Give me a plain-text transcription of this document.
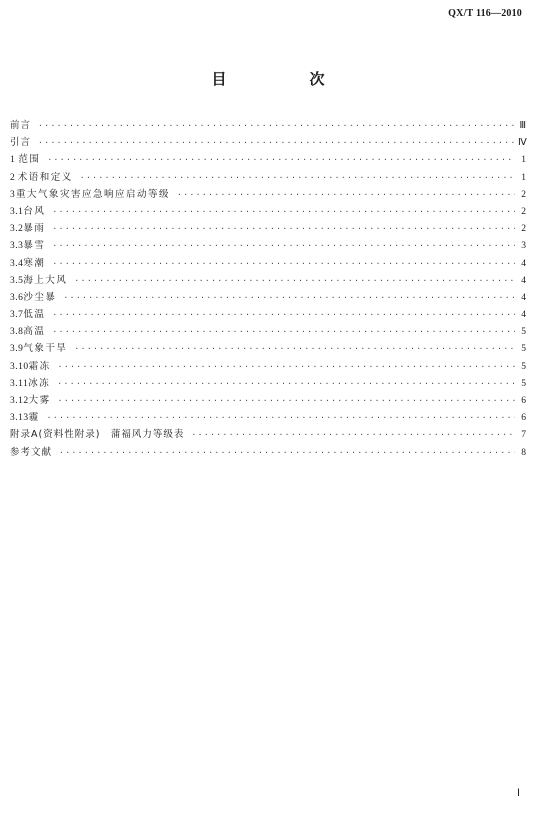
QX/T 116—2010
目　次
前言 ·····	Ⅲ
引言 ·····	Ⅳ
1 范围 ·····	1
2 术语和定义 ·····	1
3 重大气象灾害应急响应启动等级 ·····	2
3.1 台风 ·····	2
3.2 暴雨 ·····	2
3.3 暴雪 ·····	3
3.4 寒潮 ·····	4
3.5 海上大风 ·····	4
3.6 沙尘暴 ·····	4
3.7 低温 ·····	4
3.8 高温 ·····	5
3.9 气象干旱 ·····	5
3.10 霜冻 ·····	5
3.11 冰冻 ·····	5
3.12 大雾 ·····	6
3.13 霾 ·····	6
附录A(资料性附录)　蒲福风力等级表 ·····	7
参考文献 ·····	8
Ⅰ
